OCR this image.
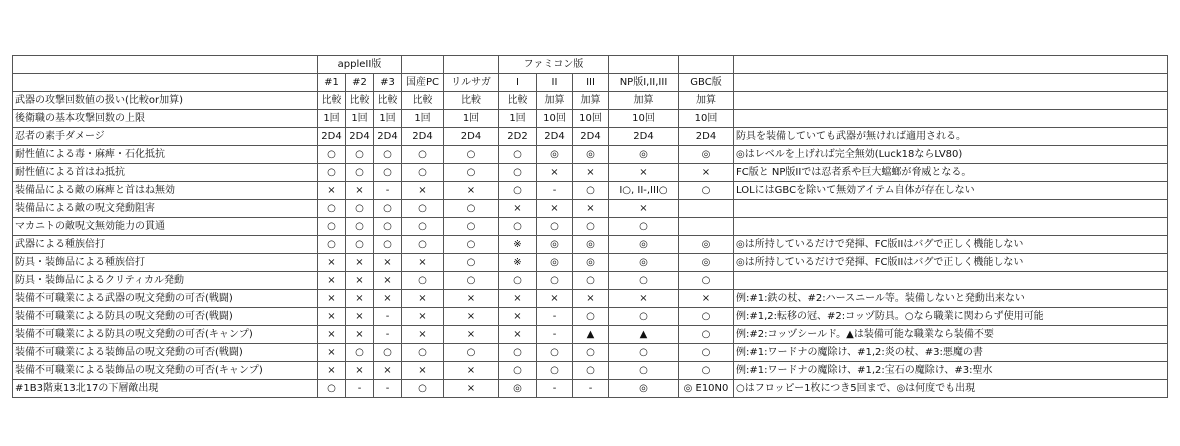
	appleII版					ファミコン版					
	#1	#2	#3	国産PC	リルサガ	I	II	III	NP版I,II,III	GBC版	
武器の攻撃回数値の扱い(比較or加算)	比較	比較	比較	比較	比較	比較	加算	加算	加算	加算	
後衛職の基本攻撃回数の上限	1回	1回	1回	1回	1回	1回	10回	10回	10回	10回	
忍者の素手ダメージ	2D4	2D4	2D4	2D4	2D4	2D2	2D4	2D4	2D4	2D4	防具を装備していても武器が無ければ適用される。
耐性値による毒・麻痺・石化抵抗	○	○	○	○	○	○	◎	◎	◎	◎	◎はレベルを上げれば完全無効(Luck18ならLV80)
耐性値による首はね抵抗	○	○	○	○	○	○	×	×	×	×	FC版と NP版IIでは忍者系や巨大蟷螂が脅威となる。
装備品による敵の麻痺と首はね無効	×	×	-	×	×	○	-	○	I○, II-,III○	○	LOLにはGBCを除いて無効アイテム自体が存在しない
装備品による敵の呪文発動阻害	○	○	○	○	○	×	×	×	×		
マカニトの敵呪文無効能力の貫通	○	○	○	○	○	○	○	○	○		
武器による種族倍打	○	○	○	○	○	※	◎	◎	◎	◎	◎は所持しているだけで発揮、FC版IIはバグで正しく機能しない
防具・装飾品による種族倍打	×	×	×	×	○	※	◎	◎	◎	◎	◎は所持しているだけで発揮、FC版IIはバグで正しく機能しない
防具・装飾品によるクリティカル発動	×	×	×	○	○	○	○	○	○	○	
装備不可職業による武器の呪文発動の可否(戦闘)	×	×	×	×	×	×	×	×	×	×	例:#1:鉄の杖、#2:ハースニール等。装備しないと発動出来ない
装備不可職業による防具の呪文発動の可否(戦闘)	×	×	-	×	×	×	-	○	○	○	例:#1,2:転移の冠、#2:コッヅ防具。○なら職業に関わらず使用可能
装備不可職業による防具の呪文発動の可否(キャンプ)	×	×	-	×	×	×	-	▲	▲	○	例:#2:コッヅシールド。▲は装備可能な職業なら装備不要
装備不可職業による装飾品の呪文発動の可否(戦闘)	×	○	○	○	○	○	○	○	○	○	例:#1:ワードナの魔除け、#1,2:炎の杖、#3:悪魔の書
装備不可職業による装飾品の呪文発動の可否(キャンプ)	×	×	×	×	×	○	○	○	○	○	例:#1:ワードナの魔除け、#1,2:宝石の魔除け、#3:聖水
#1B3階東13北17の下層敵出現	○	-	-	○	×	◎	-	-	◎	◎ E10N0	○はフロッピー1枚につき5回まで、◎は何度でも出現
